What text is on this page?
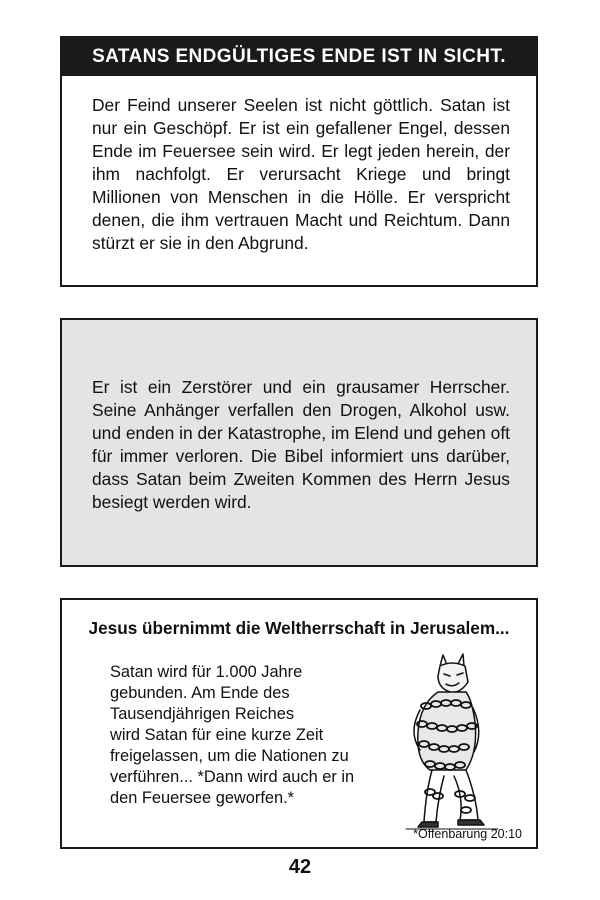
SATANS ENDGÜLTIGES ENDE IST IN SICHT.

Der Feind unserer Seelen ist nicht göttlich. Satan ist nur ein Geschöpf. Er ist ein gefallener Engel, dessen Ende im Feuersee sein wird. Er legt jeden herein, der ihm nachfolgt. Er verursacht Kriege und bringt Millionen von Menschen in die Hölle. Er verspricht denen, die ihm vertrauen Macht und Reichtum. Dann stürzt er sie in den Abgrund.

Er ist ein Zerstörer und ein grausamer Herrscher. Seine Anhänger verfallen den Drogen, Alkohol usw. und enden in der Katastrophe, im Elend und gehen oft für immer verloren. Die Bibel informiert uns darüber, dass Satan beim Zweiten Kommen des Herrn Jesus besiegt werden wird.

Jesus übernimmt die Weltherrschaft in Jerusalem...

Satan wird für 1.000 Jahre
gebunden. Am Ende des
Tausendjährigen Reiches
wird Satan für eine kurze Zeit
freigelassen, um die Nationen zu
verführen... *Dann wird auch er in
den Feuersee geworfen.*

*Offenbarung 20:10

42
